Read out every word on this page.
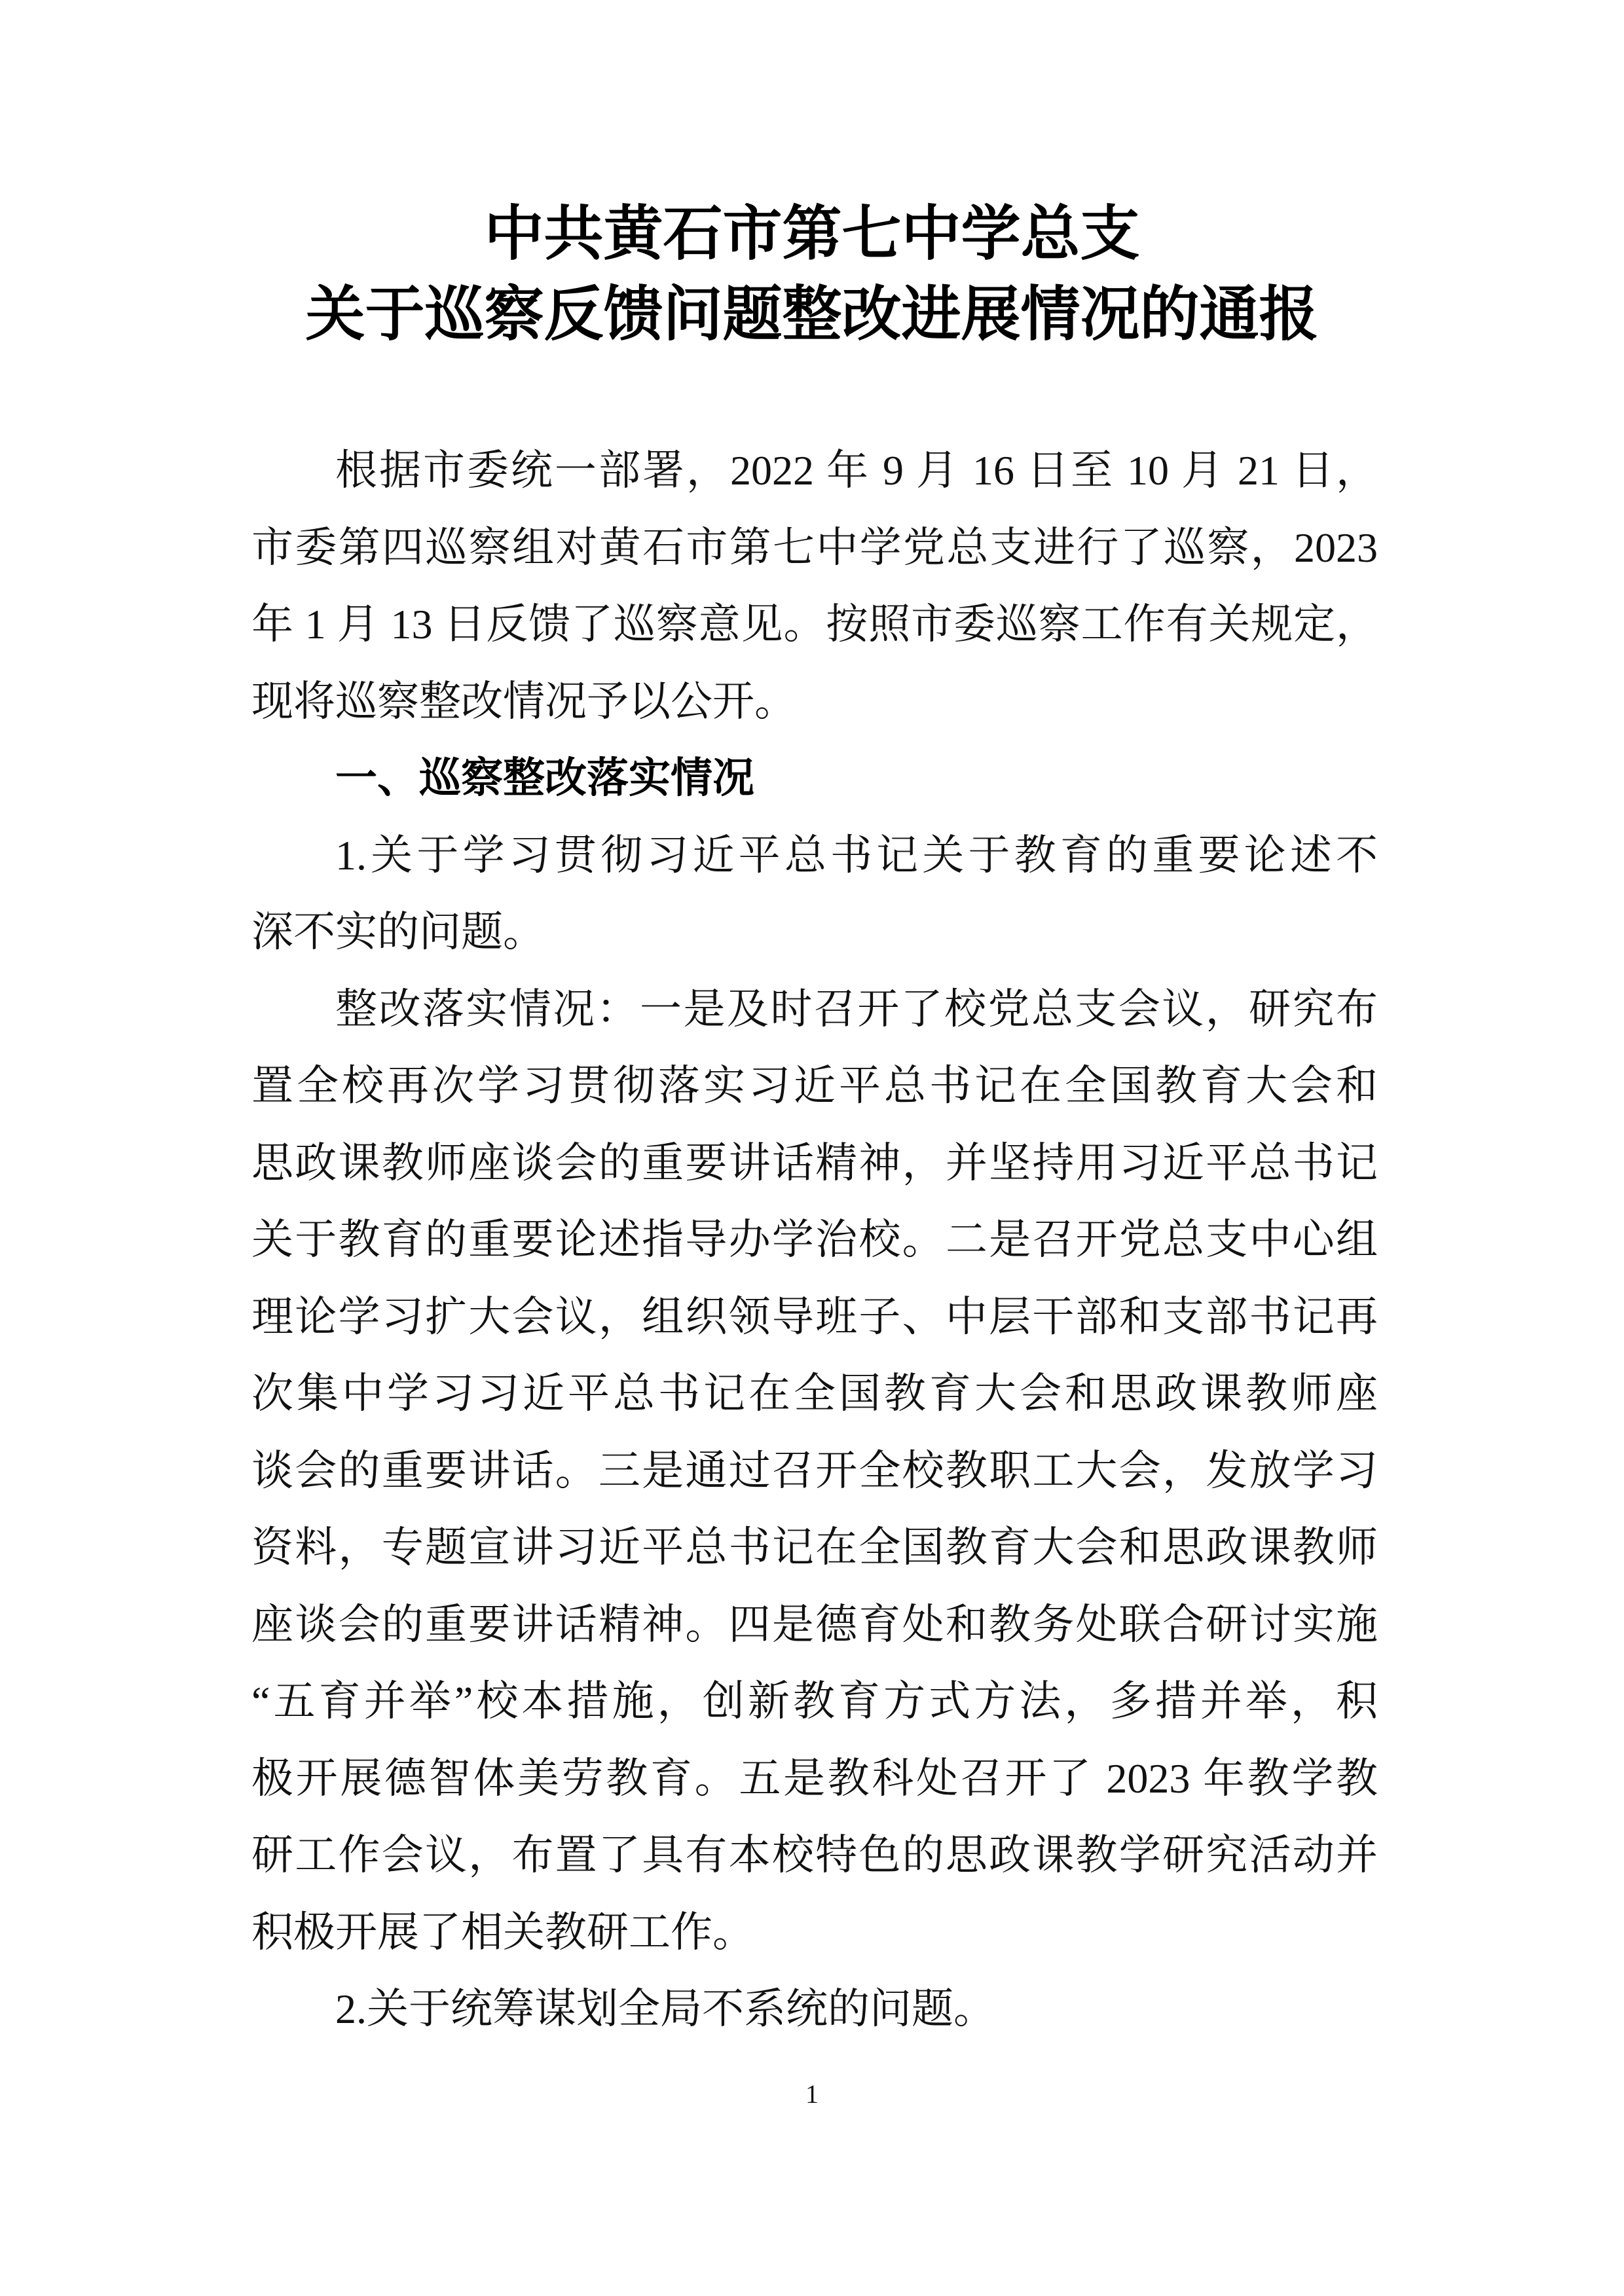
中共黄石市第七中学总支
关于巡察反馈问题整改进展情况的通报
根据市委统一部署，2022 年 9 月 16 日至 10 月 21 日，
市委第四巡察组对黄石市第七中学党总支进行了巡察，2023
年 1 月 13 日反馈了巡察意见。按照市委巡察工作有关规定，
现将巡察整改情况予以公开。
一、巡察整改落实情况
1.关于学习贯彻习近平总书记关于教育的重要论述不
深不实的问题。
整改落实情况：一是及时召开了校党总支会议，研究布
置全校再次学习贯彻落实习近平总书记在全国教育大会和
思政课教师座谈会的重要讲话精神，并坚持用习近平总书记
关于教育的重要论述指导办学治校。二是召开党总支中心组
理论学习扩大会议，组织领导班子、中层干部和支部书记再
次集中学习习近平总书记在全国教育大会和思政课教师座
谈会的重要讲话。三是通过召开全校教职工大会，发放学习
资料，专题宣讲习近平总书记在全国教育大会和思政课教师
座谈会的重要讲话精神。四是德育处和教务处联合研讨实施
“五育并举”校本措施，创新教育方式方法，多措并举，积
极开展德智体美劳教育。五是教科处召开了 2023 年教学教
研工作会议，布置了具有本校特色的思政课教学研究活动并
积极开展了相关教研工作。
2.关于统筹谋划全局不系统的问题。
1
